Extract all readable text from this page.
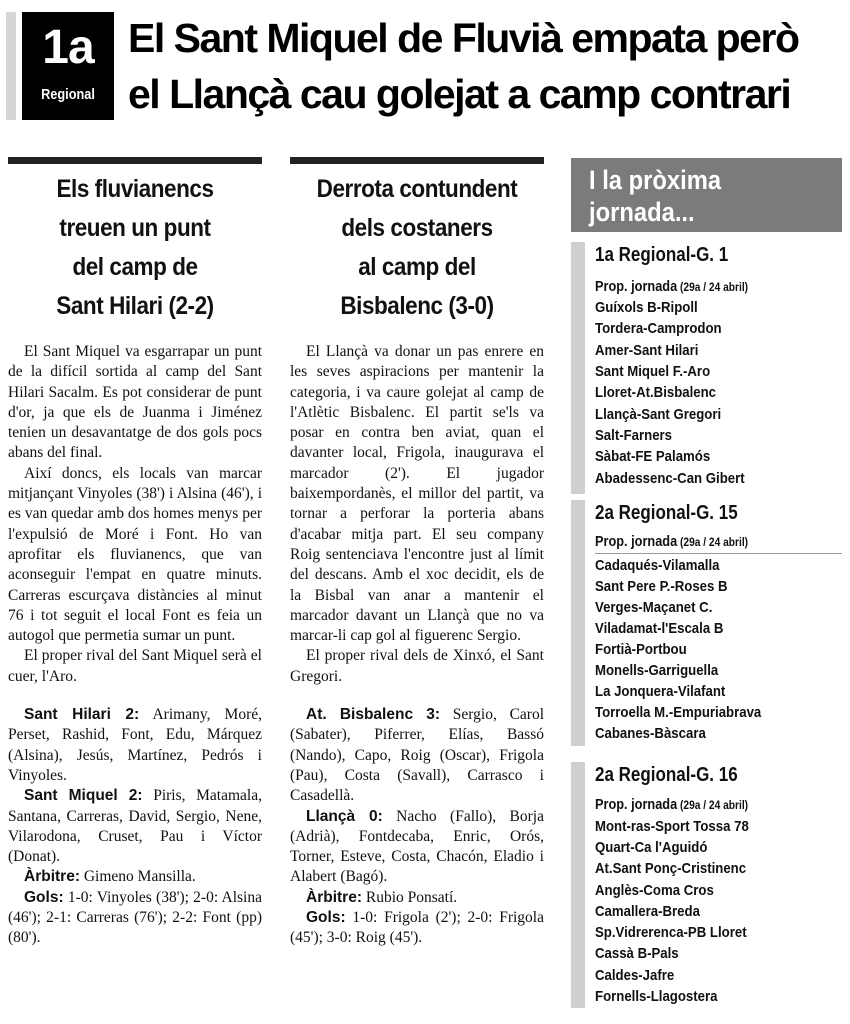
1a
Regional
El Sant Miquel de Fluvià empata però
el Llançà cau golejat a camp contrari
Els fluvianencs
treuen un punt
del camp de
Sant Hilari (2-2)

El Sant Miquel va esgarrapar un punt de la difícil sortida al camp del Sant Hilari Sacalm. Es pot considerar de punt d'or, ja que els de Juanma i Jiménez tenien un desavantatge de dos gols pocs abans del final.

Així doncs, els locals van marcar mitjançant Vinyoles (38') i Alsina (46'), i es van quedar amb dos homes menys per l'expulsió de Moré i Font. Ho van aprofitar els fluvianencs, que van aconseguir l'empat en quatre minuts. Carreras escurçava distàncies al minut 76 i tot seguit el local Font es feia un autogol que permetia sumar un punt.

El proper rival del Sant Miquel serà el cuer, l'Aro.

Sant Hilari 2: Arimany, Moré, Perset, Rashid, Font, Edu, Márquez (Alsina), Jesús, Martínez, Pedrós i Vinyoles.

Sant Miquel 2: Piris, Matamala, Santana, Carreras, David, Sergio, Nene, Vilarodona, Cruset, Pau i Víctor (Donat).

Àrbitre: Gimeno Mansilla.

Gols: 1-0: Vinyoles (38'); 2-0: Alsina (46'); 2-1: Carreras (76'); 2-2: Font (pp) (80').

Derrota contundent
dels costaners
al camp del
Bisbalenc (3-0)

El Llançà va donar un pas enrere en les seves aspiracions per mantenir la categoria, i va caure golejat al camp de l'Atlètic Bisbalenc. El partit se'ls va posar en contra ben aviat, quan el davanter local, Frigola, inaugurava el marcador (2'). El jugador baixempordanès, el millor del partit, va tornar a perforar la porteria abans d'acabar mitja part. El seu company Roig sentenciava l'encontre just al límit del descans. Amb el xoc decidit, els de la Bisbal van anar a mantenir el marcador davant un Llançà que no va marcar-li cap gol al figuerenc Sergio.

El proper rival dels de Xinxó, el Sant Gregori.

At. Bisbalenc 3: Sergio, Carol (Sabater), Piferrer, Elías, Bassó (Nando), Capo, Roig (Oscar), Frigola (Pau), Costa (Savall), Carrasco i Casadellà.

Llançà 0: Nacho (Fallo), Borja (Adrià), Fontdecaba, Enric, Orós, Torner, Esteve, Costa, Chacón, Eladio i Alabert (Bagó).

Àrbitre: Rubio Ponsatí.

Gols: 1-0: Frigola (2'); 2-0: Frigola (45'); 3-0: Roig (45').

I la pròxima
jornada...
1a Regional-G. 1
Prop. jornada (29a / 24 abril)
Guíxols B-Ripoll
Tordera-Camprodon
Amer-Sant Hilari
Sant Miquel F.-Aro
Lloret-At.Bisbalenc
Llançà-Sant Gregori
Salt-Farners
Sàbat-FE Palamós
Abadessenc-Can Gibert
2a Regional-G. 15
Prop. jornada (29a / 24 abril)
Cadaqués-Vilamalla
Sant Pere P.-Roses B
Verges-Maçanet C.
Viladamat-l'Escala B
Fortià-Portbou
Monells-Garriguella
La Jonquera-Vilafant
Torroella M.-Empuriabrava
Cabanes-Bàscara
2a Regional-G. 16
Prop. jornada (29a / 24 abril)
Mont-ras-Sport Tossa 78
Quart-Ca l'Aguidó
At.Sant Ponç-Cristinenc
Anglès-Coma Cros
Camallera-Breda
Sp.Vidrerenca-PB Lloret
Cassà B-Pals
Caldes-Jafre
Fornells-Llagostera
